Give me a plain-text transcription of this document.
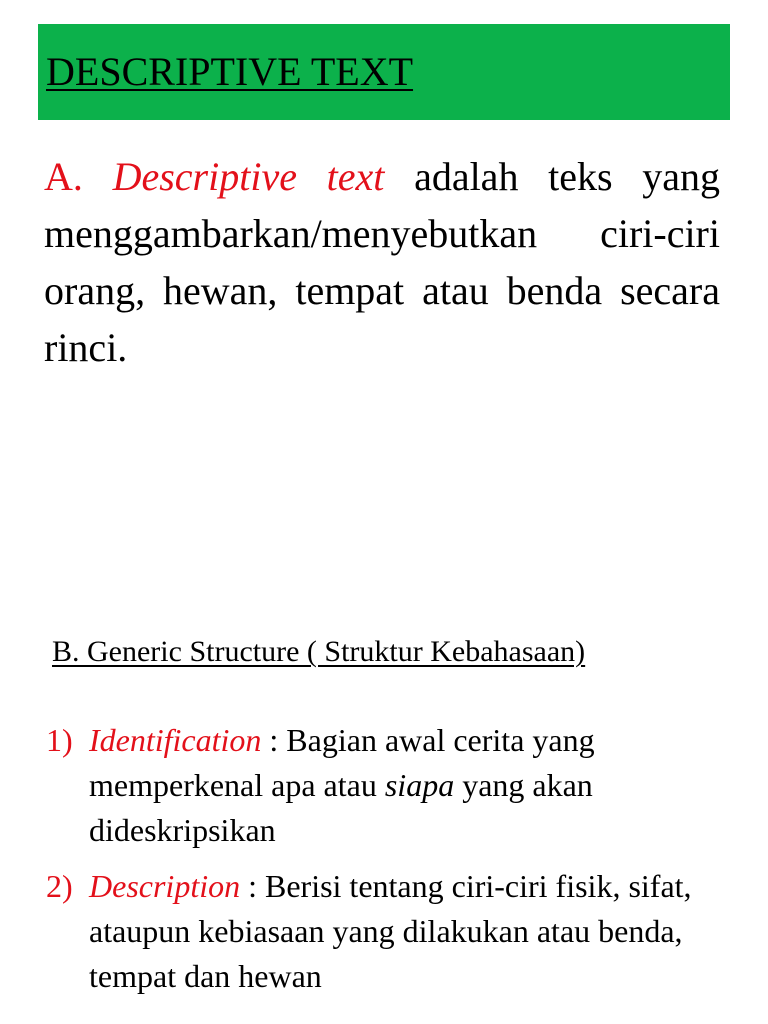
DESCRIPTIVE TEXT

A. Descriptive text adalah teks yang menggambarkan/menyebutkan ciri-ciri orang, hewan, tempat atau benda secara rinci.

B. Generic Structure ( Struktur Kebahasaan)

1) Identification : Bagian awal cerita yang memperkenal apa atau siapa yang akan dideskripsikan

2) Description : Berisi tentang ciri-ciri fisik, sifat, ataupun kebiasaan yang dilakukan atau benda, tempat dan hewan
